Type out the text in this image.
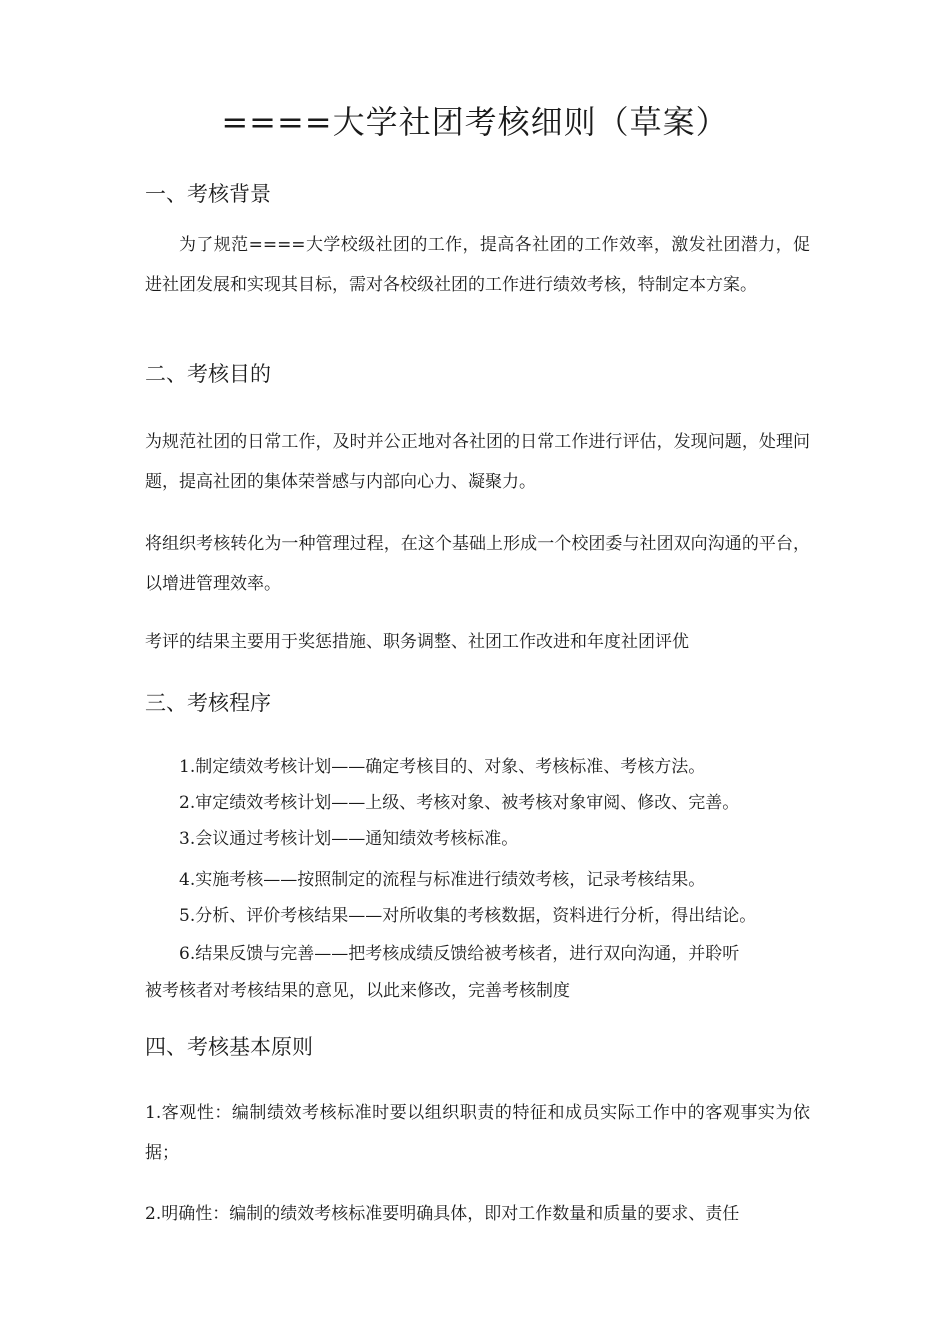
====大学社团考核细则（草案）
一、考核背景

为了规范====大学校级社团的工作，提高各社团的工作效率，激发社团潜力，促进社团发展和实现其目标，需对各校级社团的工作进行绩效考核，特制定本方案。

二、考核目的

为规范社团的日常工作，及时并公正地对各社团的日常工作进行评估，发现问题，处理问题，提高社团的集体荣誉感与内部向心力、凝聚力。

将组织考核转化为一种管理过程，在这个基础上形成一个校团委与社团双向沟通的平台，以增进管理效率。

考评的结果主要用于奖惩措施、职务调整、社团工作改进和年度社团评优

三、考核程序
1.制定绩效考核计划——确定考核目的、对象、考核标准、考核方法。
2.审定绩效考核计划——上级、考核对象、被考核对象审阅、修改、完善。
3.会议通过考核计划——通知绩效考核标准。
4.实施考核——按照制定的流程与标准进行绩效考核，记录考核结果。
5.分析、评价考核结果——对所收集的考核数据，资料进行分析，得出结论。
6.结果反馈与完善——把考核成绩反馈给被考核者，进行双向沟通，并聆听
被考核者对考核结果的意见，以此来修改，完善考核制度
四、考核基本原则

1.客观性：编制绩效考核标准时要以组织职责的特征和成员实际工作中的客观事实为依据；

2.明确性：编制的绩效考核标准要明确具体，即对工作数量和质量的要求、责任
